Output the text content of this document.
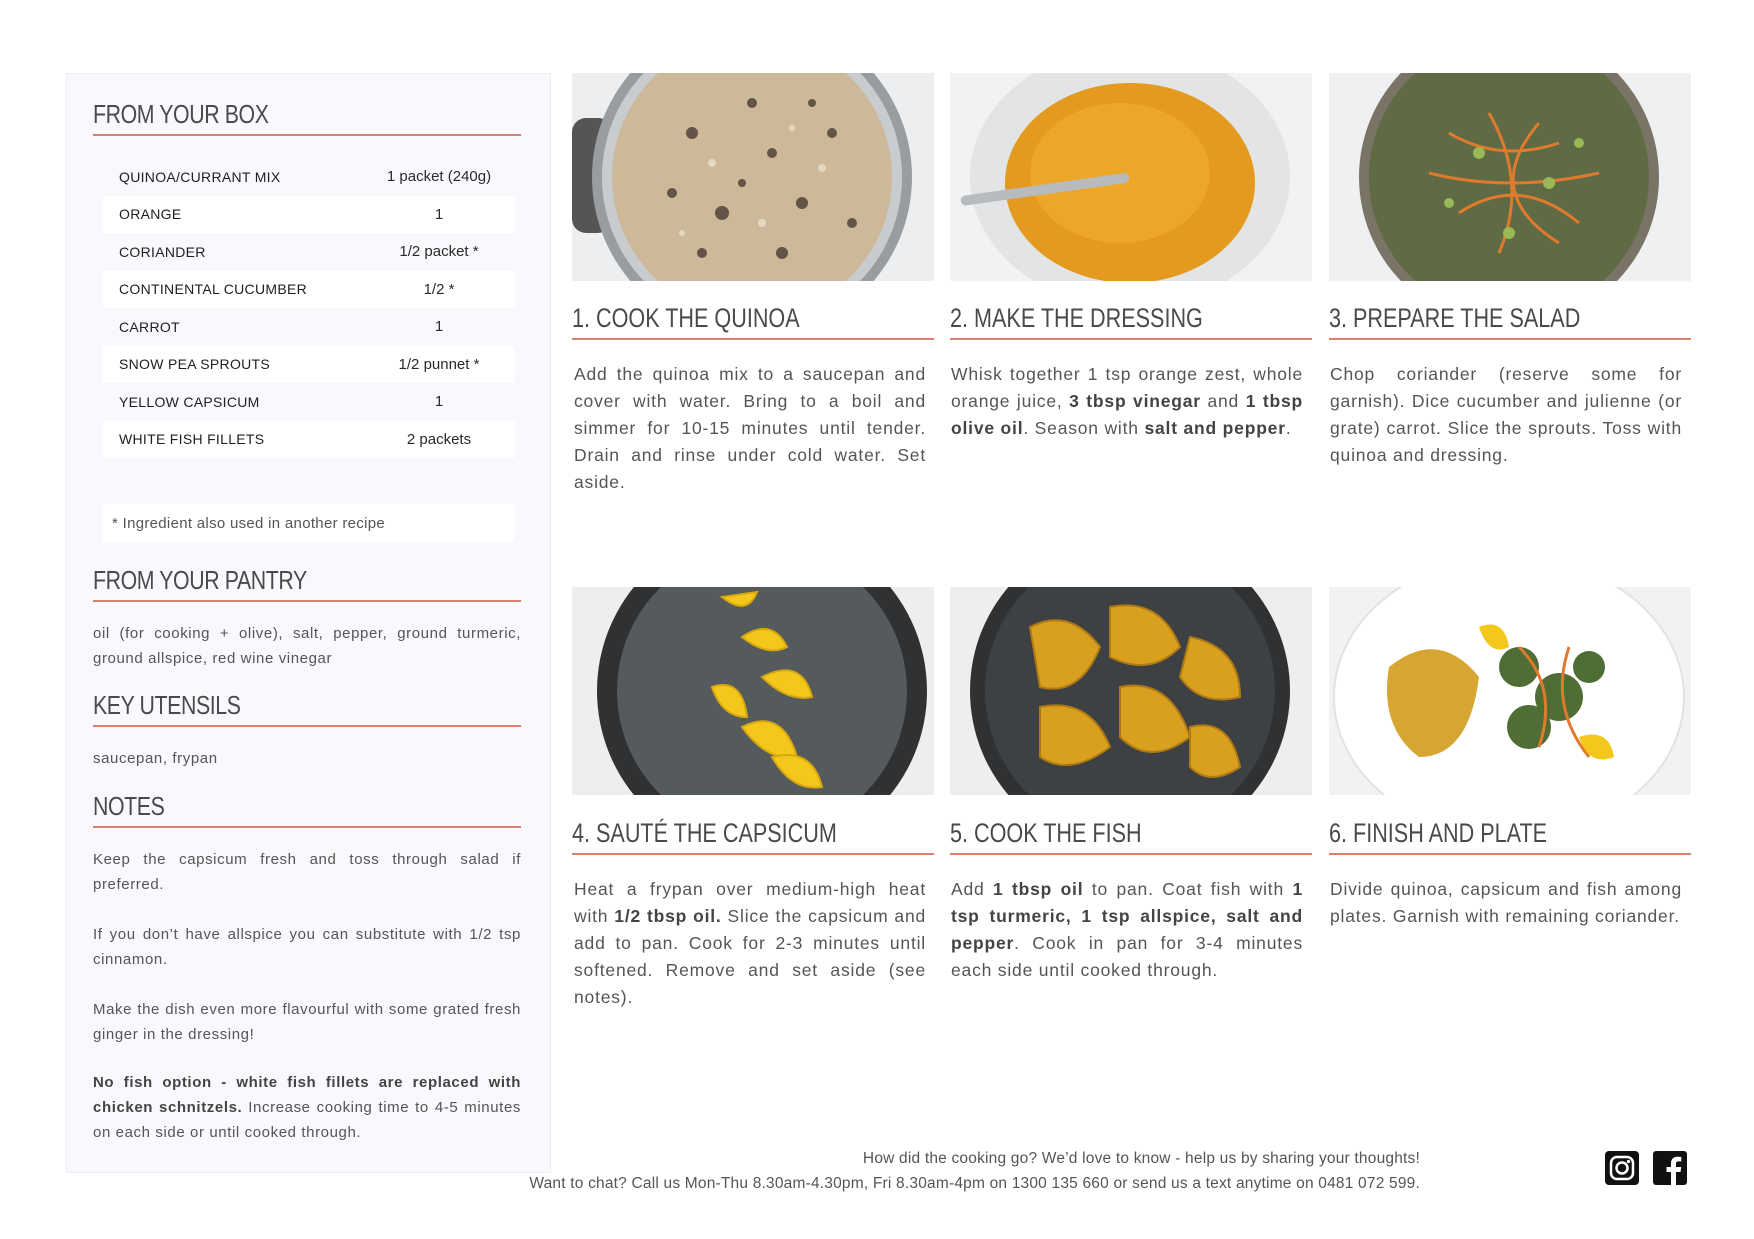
FROM YOUR BOX
QUINOA/CURRANT MIX	1 packet (240g)
ORANGE	1
CORIANDER	1/2 packet *
CONTINENTAL CUCUMBER	1/2 *
CARROT	1
SNOW PEA SPROUTS	1/2 punnet *
YELLOW CAPSICUM	1
WHITE FISH FILLETS	2 packets
* Ingredient also used in another recipe
FROM YOUR PANTRY
oil (for cooking + olive), salt, pepper, ground turmeric, ground allspice, red wine vinegar
KEY UTENSILS
saucepan, frypan
NOTES
Keep the capsicum fresh and toss through salad if preferred.
If you don’t have allspice you can substitute with 1/2 tsp cinnamon.
Make the dish even more flavourful with some grated fresh ginger in the dressing!
No fish option - white fish fillets are replaced with chicken schnitzels. Increase cooking time to 4-5 minutes on each side or until cooked through.
1. COOK THE QUINOA
Add the quinoa mix to a saucepan and cover with water. Bring to a boil and simmer for 10-15 minutes until tender. Drain and rinse under cold water. Set aside.
2. MAKE THE DRESSING
Whisk together 1 tsp orange zest, whole orange juice, 3 tbsp vinegar and 1 tbsp olive oil. Season with salt and pepper.
3. PREPARE THE SALAD
Chop coriander (reserve some for garnish). Dice cucumber and julienne (or grate) carrot. Slice the sprouts. Toss with quinoa and dressing.
4. SAUTÉ THE CAPSICUM
Heat a frypan over medium-high heat with 1/2 tbsp oil. Slice the capsicum and add to pan. Cook for 2-3 minutes until softened. Remove and set aside (see notes).
5. COOK THE FISH
Add 1 tbsp oil to pan. Coat fish with 1 tsp turmeric, 1 tsp allspice, salt and pepper. Cook in pan for 3-4 minutes each side until cooked through.
6. FINISH AND PLATE
Divide quinoa, capsicum and fish among plates. Garnish with remaining coriander.
How did the cooking go? We’d love to know - help us by sharing your thoughts!
Want to chat? Call us Mon-Thu 8.30am-4.30pm, Fri 8.30am-4pm on 1300 135 660 or send us a text anytime on 0481 072 599.
